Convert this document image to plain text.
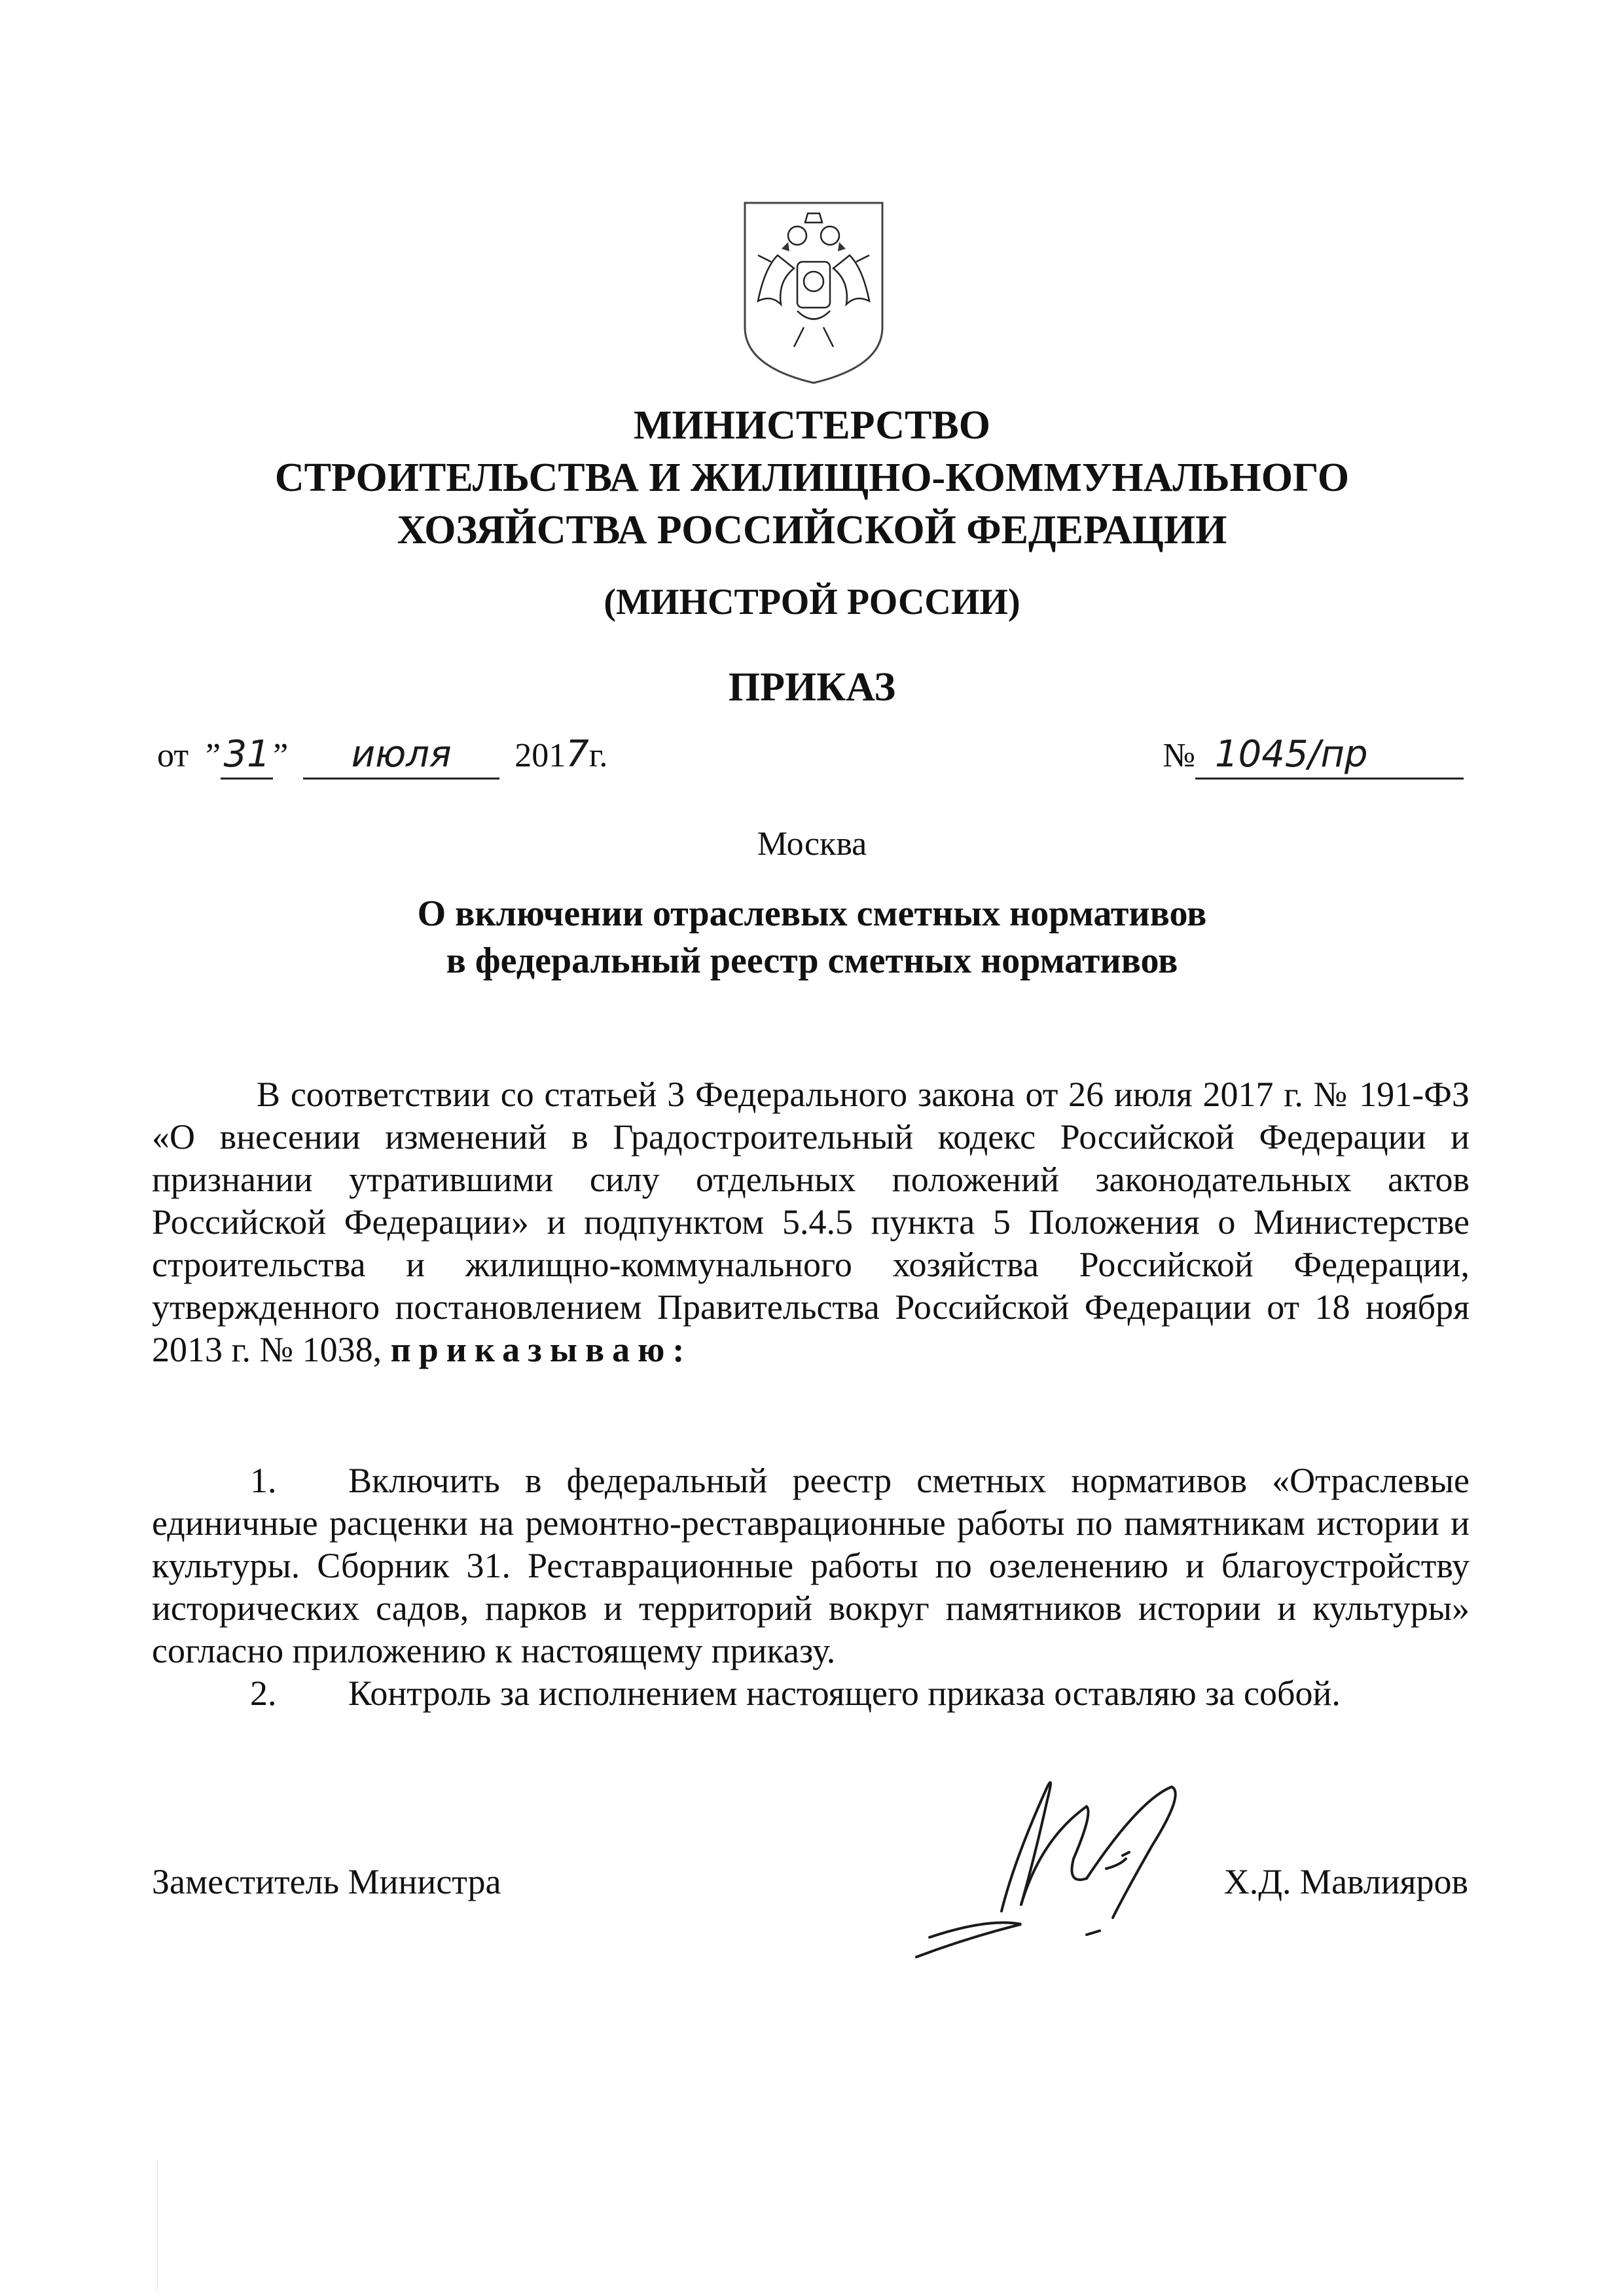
МИНИСТЕРСТВО
СТРОИТЕЛЬСТВА И ЖИЛИЩНО-КОММУНАЛЬНОГО
ХОЗЯЙСТВА РОССИЙСКОЙ ФЕДЕРАЦИИ
(МИНСТРОЙ РОССИИ)
ПРИКАЗ
от  ”31” июля 2017г.	№ 1045/пр
Москва
О включении отраслевых сметных нормативов
в федеральный реестр сметных нормативов
В соответствии со статьей 3 Федерального закона от 26 июля 2017 г. № 191-ФЗ «О внесении изменений в Градостроительный кодекс Российской Федерации и признании утратившими силу отдельных положений законодательных актов Российской Федерации» и подпунктом 5.4.5 пункта 5 Положения о Министерстве строительства и жилищно-коммунального хозяйства Российской Федерации, утвержденного постановлением Правительства Российской Федерации от 18 ноября 2013 г. № 1038, приказываю:
1. Включить в федеральный реестр сметных нормативов «Отраслевые единичные расценки на ремонтно-реставрационные работы по памятникам истории и культуры. Сборник 31. Реставрационные работы по озеленению и благоустройству исторических садов, парков и территорий вокруг памятников истории и культуры» согласно приложению к настоящему приказу.
2. Контроль за исполнением настоящего приказа оставляю за собой.
Заместитель Министра	Х.Д. Мавлияров
